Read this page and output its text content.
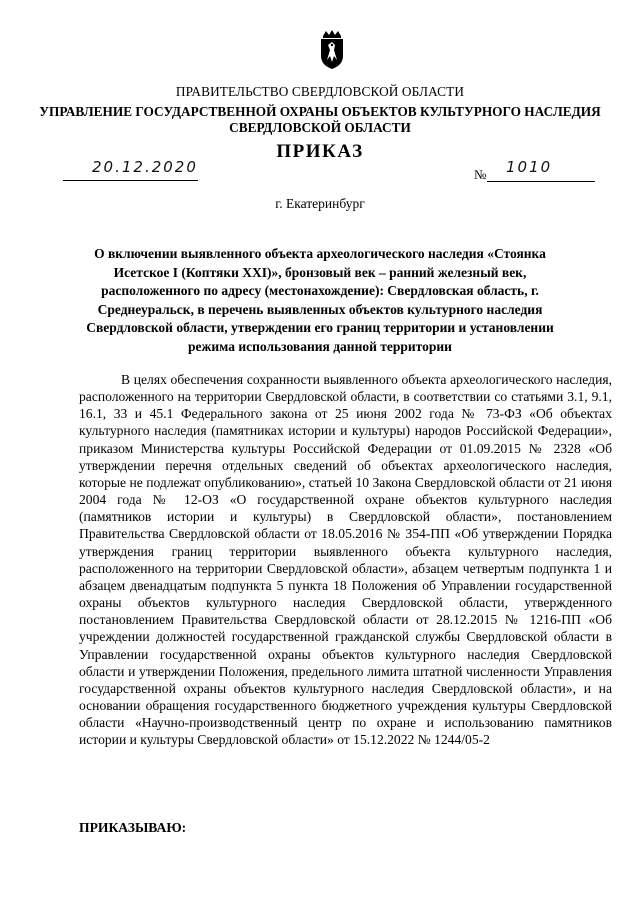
ПРАВИТЕЛЬСТВО СВЕРДЛОВСКОЙ ОБЛАСТИ
УПРАВЛЕНИЕ ГОСУДАРСТВЕННОЙ ОХРАНЫ ОБЪЕКТОВ КУЛЬТУРНОГО НАСЛЕДИЯ
СВЕРДЛОВСКОЙ ОБЛАСТИ
ПРИКАЗ
20.12.2020	№ 1010
г. Екатеринбург
О включении выявленного объекта археологического наследия «Стоянка Исетское I (Коптяки XXI)», бронзовый век – ранний железный век, расположенного по адресу (местонахождение): Свердловская область, г. Среднеуральск, в перечень выявленных объектов культурного наследия Свердловской области, утверждении его границ территории и установлении режима использования данной территории
В целях обеспечения сохранности выявленного объекта археологического наследия, расположенного на территории Свердловской области, в соответствии со статьями 3.1, 9.1, 16.1, 33 и 45.1 Федерального закона от 25 июня 2002 года № 73-ФЗ «Об объектах культурного наследия (памятниках истории и культуры) народов Российской Федерации», приказом Министерства культуры Российской Федерации от 01.09.2015 № 2328 «Об утверждении перечня отдельных сведений об объектах археологического наследия, которые не подлежат опубликованию», статьей 10 Закона Свердловской области от 21 июня 2004 года № 12-ОЗ «О государственной охране объектов культурного наследия (памятников истории и культуры) в Свердловской области», постановлением Правительства Свердловской области от 18.05.2016 № 354-ПП «Об утверждении Порядка утверждения границ территории выявленного объекта культурного наследия, расположенного на территории Свердловской области», абзацем четвертым подпункта 1 и абзацем двенадцатым подпункта 5 пункта 18 Положения об Управлении государственной охраны объектов культурного наследия Свердловской области, утвержденного постановлением Правительства Свердловской области от 28.12.2015 № 1216-ПП «Об учреждении должностей государственной гражданской службы Свердловской области в Управлении государственной охраны объектов культурного наследия Свердловской области и утверждении Положения, предельного лимита штатной численности Управления государственной охраны объектов культурного наследия Свердловской области», и на основании обращения государственного бюджетного учреждения культуры Свердловской области «Научно-производственный центр по охране и использованию памятников истории и культуры Свердловской области» от 15.12.2022 № 1244/05-2
ПРИКАЗЫВАЮ:
